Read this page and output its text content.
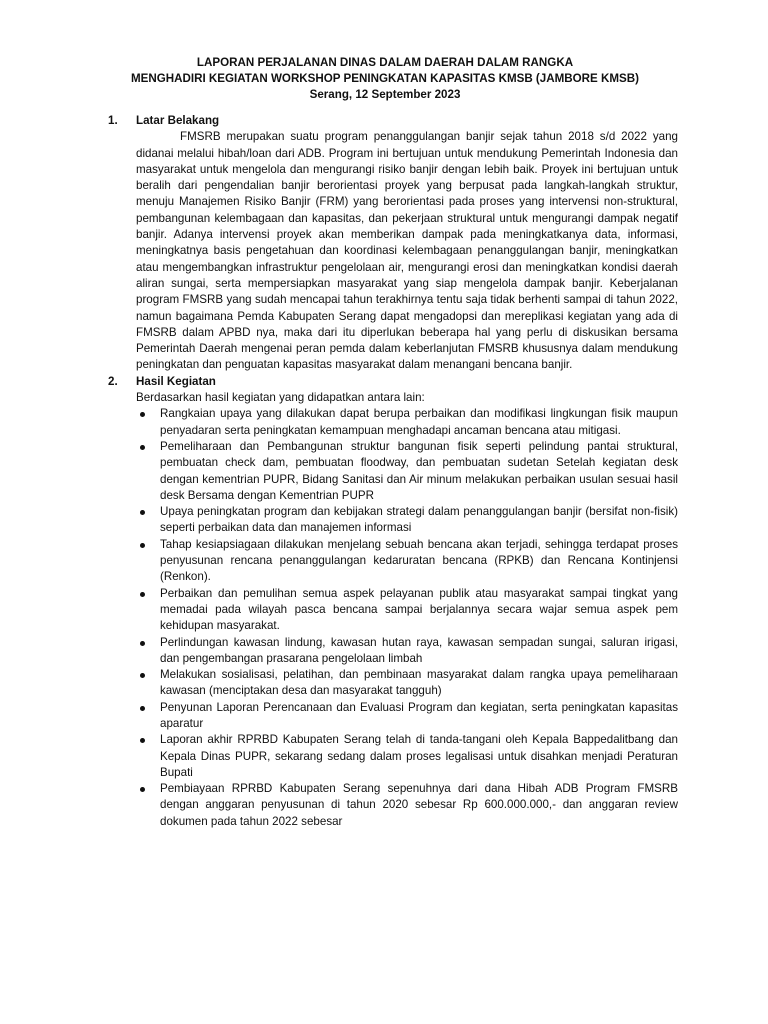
LAPORAN PERJALANAN DINAS DALAM DAERAH DALAM RANGKA
MENGHADIRI KEGIATAN WORKSHOP PENINGKATAN KAPASITAS KMSB (JAMBORE KMSB)
Serang, 12 September 2023
1.	Latar Belakang

FMSRB merupakan suatu program penanggulangan banjir sejak tahun 2018 s/d 2022 yang didanai melalui hibah/loan dari ADB. Program ini bertujuan untuk mendukung Pemerintah Indonesia dan masyarakat untuk mengelola dan mengurangi risiko banjir dengan lebih baik. Proyek ini bertujuan untuk beralih dari pengendalian banjir berorientasi proyek yang berpusat pada langkah-langkah struktur, menuju Manajemen Risiko Banjir (FRM) yang berorientasi pada proses yang intervensi non-struktural, pembangunan kelembagaan dan kapasitas, dan pekerjaan struktural untuk mengurangi dampak negatif banjir. Adanya intervensi proyek akan memberikan dampak pada meningkatkanya data, informasi, meningkatnya basis pengetahuan dan koordinasi kelembagaan penanggulangan banjir, meningkatkan atau mengembangkan infrastruktur pengelolaan air, mengurangi erosi dan meningkatkan kondisi daerah aliran sungai, serta mempersiapkan masyarakat yang siap mengelola dampak banjir. Keberjalanan program FMSRB yang sudah mencapai tahun terakhirnya tentu saja tidak berhenti sampai di tahun 2022, namun bagaimana Pemda Kabupaten Serang dapat mengadopsi dan mereplikasi kegiatan yang ada di FMSRB dalam APBD nya, maka dari itu diperlukan beberapa hal yang perlu di diskusikan bersama Pemerintah Daerah mengenai peran pemda dalam keberlanjutan FMSRB khususnya dalam mendukung peningkatan dan penguatan kapasitas masyarakat dalam menangani bencana banjir.

2.	Hasil Kegiatan

Berdasarkan hasil kegiatan yang didapatkan antara lain:

Rangkaian upaya yang dilakukan dapat berupa perbaikan dan modifikasi lingkungan fisik maupun penyadaran serta peningkatan kemampuan menghadapi ancaman bencana atau mitigasi.
Pemeliharaan dan Pembangunan struktur bangunan fisik seperti pelindung pantai struktural, pembuatan check dam, pembuatan floodway, dan pembuatan sudetan Setelah kegiatan desk dengan kementrian PUPR, Bidang Sanitasi dan Air minum melakukan perbaikan usulan sesuai hasil desk Bersama dengan Kementrian PUPR
Upaya peningkatan program dan kebijakan strategi dalam penanggulangan banjir (bersifat non-fisik) seperti perbaikan data dan manajemen informasi
Tahap kesiapsiagaan dilakukan menjelang sebuah bencana akan terjadi, sehingga terdapat proses penyusunan rencana penanggulangan kedaruratan bencana (RPKB) dan Rencana Kontinjensi (Renkon).
Perbaikan dan pemulihan semua aspek pelayanan publik atau masyarakat sampai tingkat yang memadai pada wilayah pasca bencana sampai berjalannya secara wajar semua aspek pem kehidupan masyarakat.
Perlindungan kawasan lindung, kawasan hutan raya, kawasan sempadan sungai, saluran irigasi, dan pengembangan prasarana pengelolaan limbah
Melakukan sosialisasi, pelatihan, dan pembinaan masyarakat dalam rangka upaya pemeliharaan kawasan (menciptakan desa dan masyarakat tangguh)
Penyunan Laporan Perencanaan dan Evaluasi Program dan kegiatan, serta peningkatan kapasitas aparatur
Laporan akhir RPRBD Kabupaten Serang telah di tanda-tangani oleh Kepala Bappedalitbang dan Kepala Dinas PUPR, sekarang sedang dalam proses legalisasi untuk disahkan menjadi Peraturan Bupati
Pembiayaan RPRBD Kabupaten Serang sepenuhnya dari dana Hibah ADB Program FMSRB dengan anggaran penyusunan di tahun 2020 sebesar Rp 600.000.000,- dan anggaran review dokumen pada tahun 2022 sebesar
